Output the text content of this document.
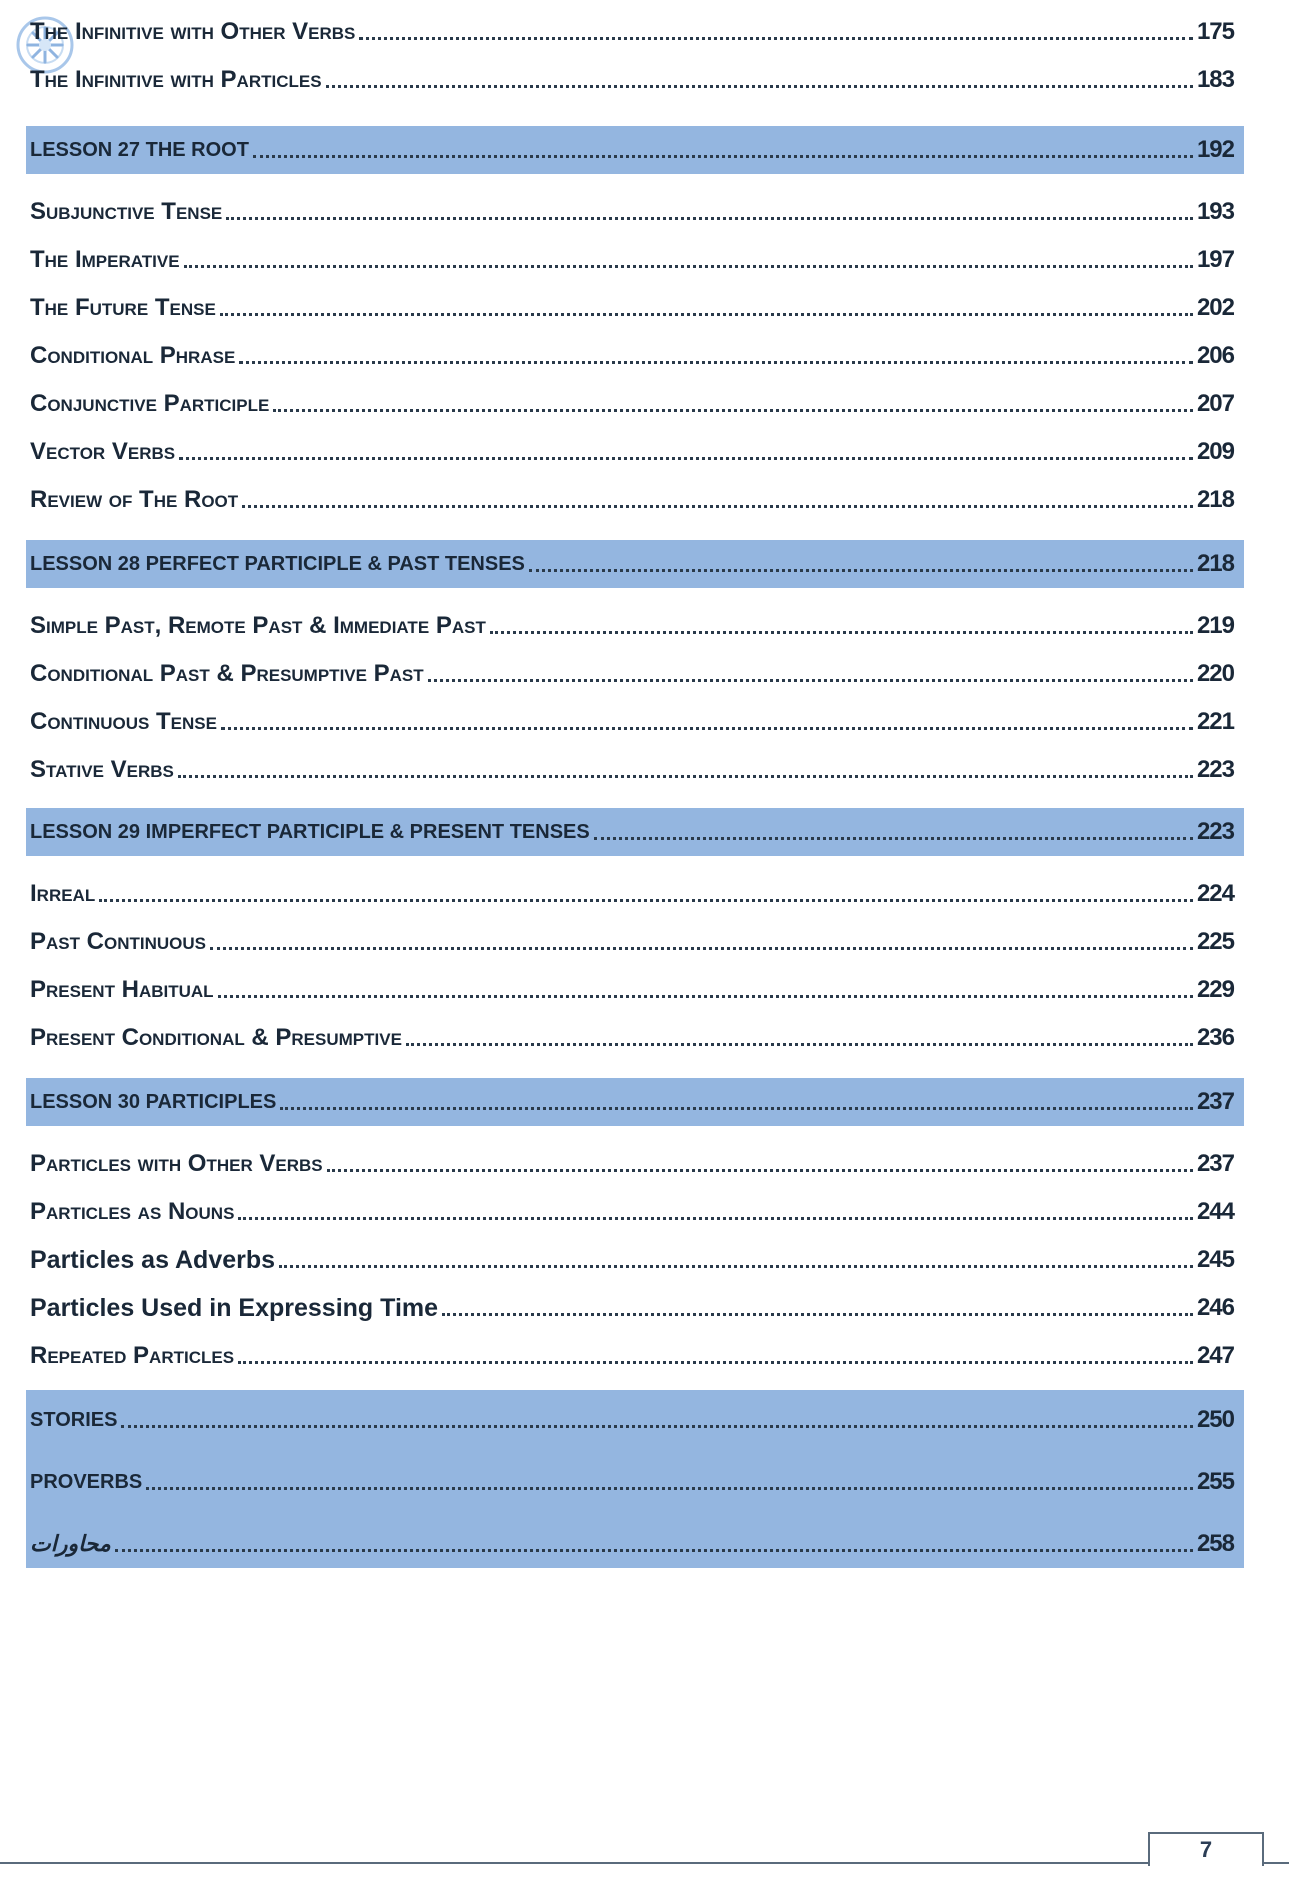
The Infinitive with Other Verbs	175
The Infinitive with Particles	183
LESSON 27 THE ROOT	192
Subjunctive Tense	193
The Imperative	197
The Future Tense	202
Conditional Phrase	206
Conjunctive Participle	207
Vector Verbs	209
Review of The Root	218
LESSON 28 PERFECT PARTICIPLE & PAST TENSES	218
Simple Past, Remote Past & Immediate Past	219
Conditional Past & Presumptive Past	220
Continuous Tense	221
Stative Verbs	223
LESSON 29 IMPERFECT PARTICIPLE & PRESENT TENSES	223
Irreal	224
Past Continuous	225
Present Habitual	229
Present Conditional & Presumptive	236
LESSON 30 PARTICIPLES	237
Particles with Other Verbs	237
Particles as Nouns	244
Particles as Adverbs	245
Particles Used in Expressing Time	246
Repeated Particles	247
STORIES	250
PROVERBS	255
محاورات	258
7
